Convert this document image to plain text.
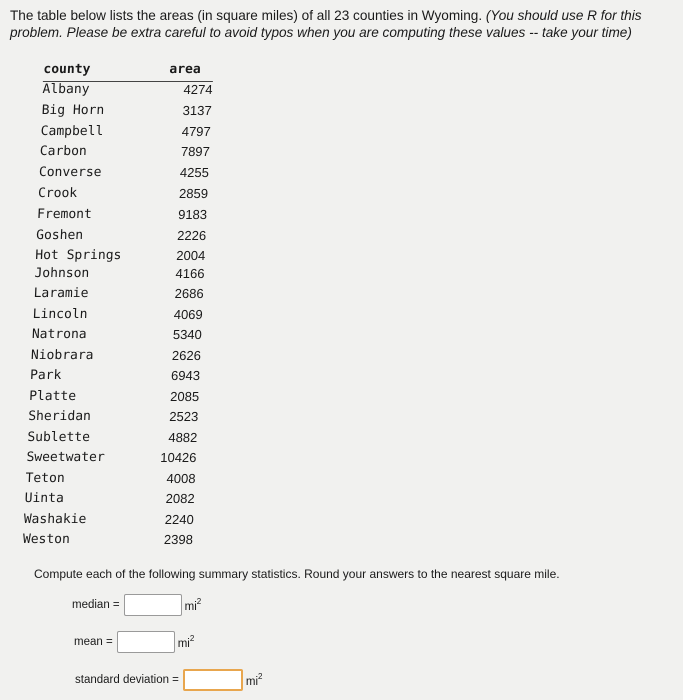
The table below lists the areas (in square miles) of all 23 counties in Wyoming. (You should use R for this problem. Please be extra careful to avoid typos when you are computing these values -- take your time)

county	area
Albany	4274
Big Horn	3137
Campbell	4797
Carbon	7897
Converse	4255
Crook	2859
Fremont	9183
Goshen	2226
Hot Springs	2004
Johnson	4166
Laramie	2686
Lincoln	4069
Natrona	5340
Niobrara	2626
Park	6943
Platte	2085
Sheridan	2523
Sublette	4882
Sweetwater	10426
Teton	4008
Uinta	2082
Washakie	2240
Weston	2398

Compute each of the following summary statistics. Round your answers to the nearest square mile.

median =	$mi^2$
mean =	$mi^2$
standard deviation =	$mi^2$
